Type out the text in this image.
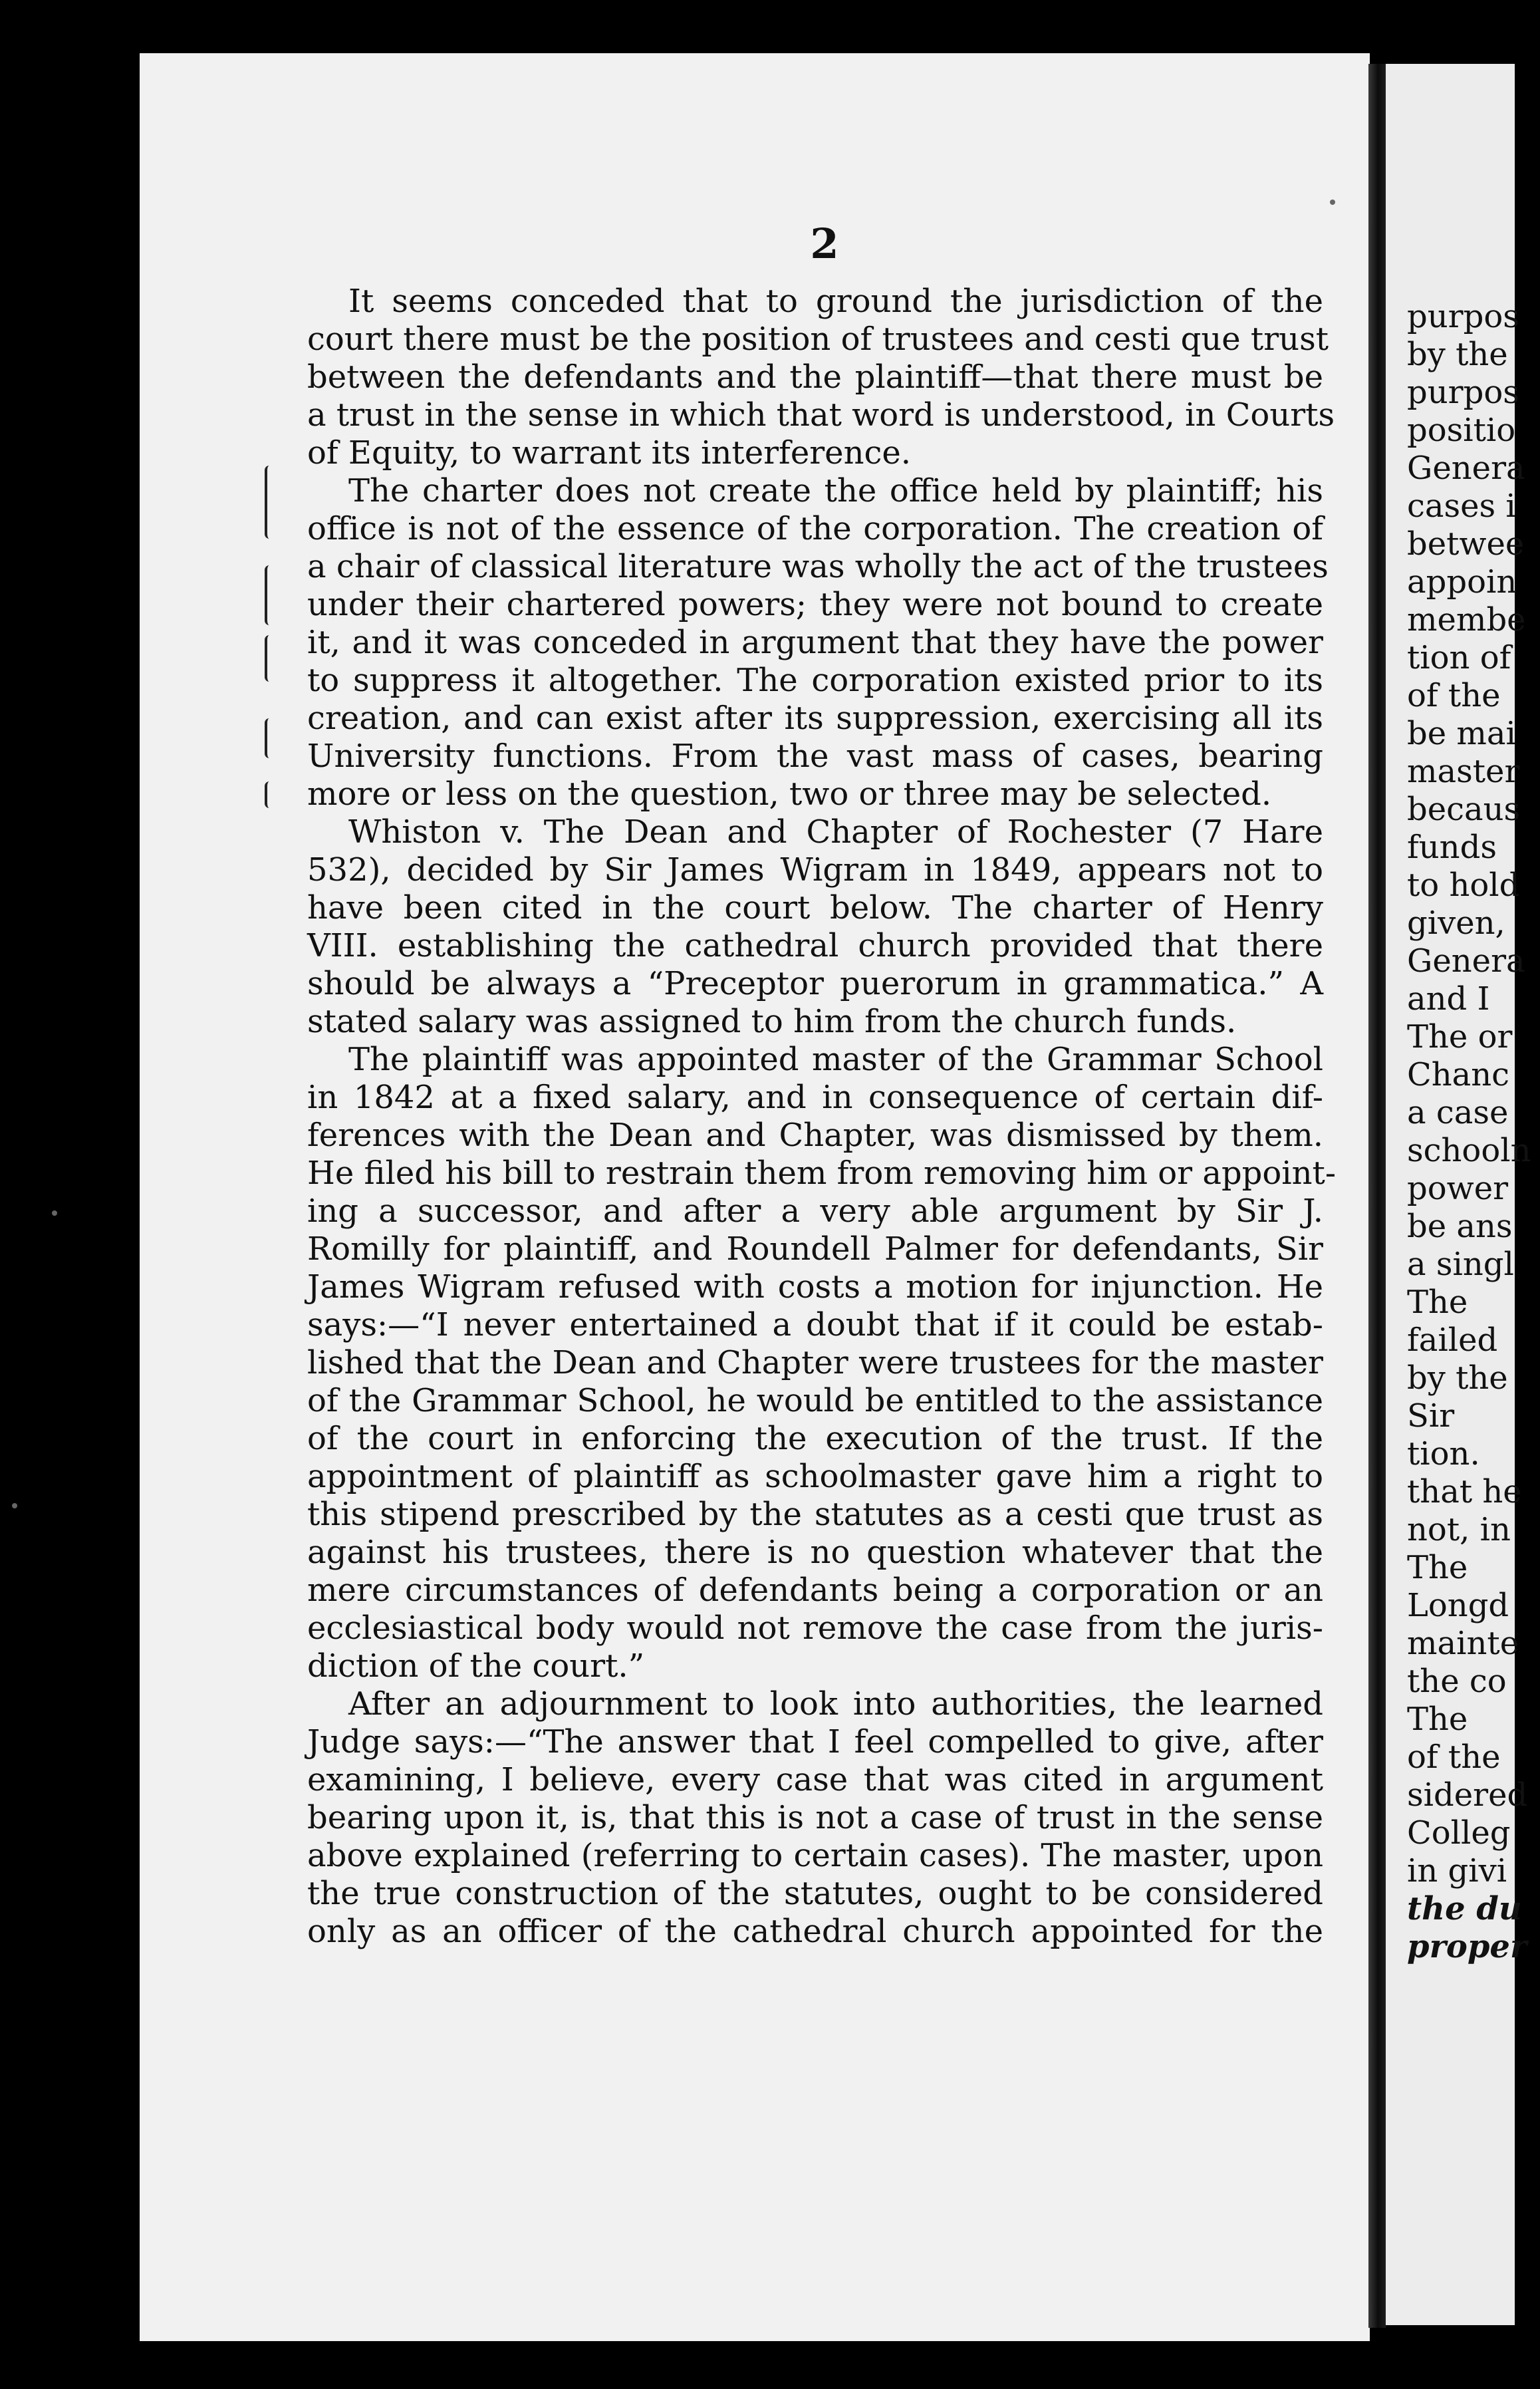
2
It seems conceded that to ground the jurisdiction of the
court there must be the position of trustees and cesti que trust
between the defendants and the plaintiff—that there must be
a trust in the sense in which that word is understood, in Courts
of Equity, to warrant its interference.
The charter does not create the office held by plaintiff; his
office is not of the essence of the corporation. The creation of
a chair of classical literature was wholly the act of the trustees
under their chartered powers; they were not bound to create
it, and it was conceded in argument that they have the power
to suppress it altogether. The corporation existed prior to its
creation, and can exist after its suppression, exercising all its
University functions. From the vast mass of cases, bearing
more or less on the question, two or three may be selected.
Whiston v. The Dean and Chapter of Rochester (7 Hare
532), decided by Sir James Wigram in 1849, appears not to
have been cited in the court below. The charter of Henry
VIII. establishing the cathedral church provided that there
should be always a “Preceptor puerorum in grammatica.” A
stated salary was assigned to him from the church funds.
The plaintiff was appointed master of the Grammar School
in 1842 at a fixed salary, and in consequence of certain dif-
ferences with the Dean and Chapter, was dismissed by them.
He filed his bill to restrain them from removing him or appoint-
ing a successor, and after a very able argument by Sir J.
Romilly for plaintiff, and Roundell Palmer for defendants, Sir
James Wigram refused with costs a motion for injunction. He
says:—“I never entertained a doubt that if it could be estab-
lished that the Dean and Chapter were trustees for the master
of the Grammar School, he would be entitled to the assistance
of the court in enforcing the execution of the trust. If the
appointment of plaintiff as schoolmaster gave him a right to
this stipend prescribed by the statutes as a cesti que trust as
against his trustees, there is no question whatever that the
mere circumstances of defendants being a corporation or an
ecclesiastical body would not remove the case from the juris-
diction of the court.”
After an adjournment to look into authorities, the learned
Judge says:—“The answer that I feel compelled to give, after
examining, I believe, every case that was cited in argument
bearing upon it, is, that this is not a case of trust in the sense
above explained (referring to certain cases). The master, upon
the true construction of the statutes, ought to be considered
only as an officer of the cathedral church appointed for the
purpos
by the
purpos
positio
Genera
cases i
betwee
appoin
membe
tion of
of the
be mai
master
becaus
funds
to hold
given,
Genera
and I
The or
Chanc
a case
schooln
power
be ans
a singl
The
failed
by the
Sir
tion.
that he
not, in
The
Longd
mainte
the co
The
of the
sidered
Colleg
in givi
the du
proper
